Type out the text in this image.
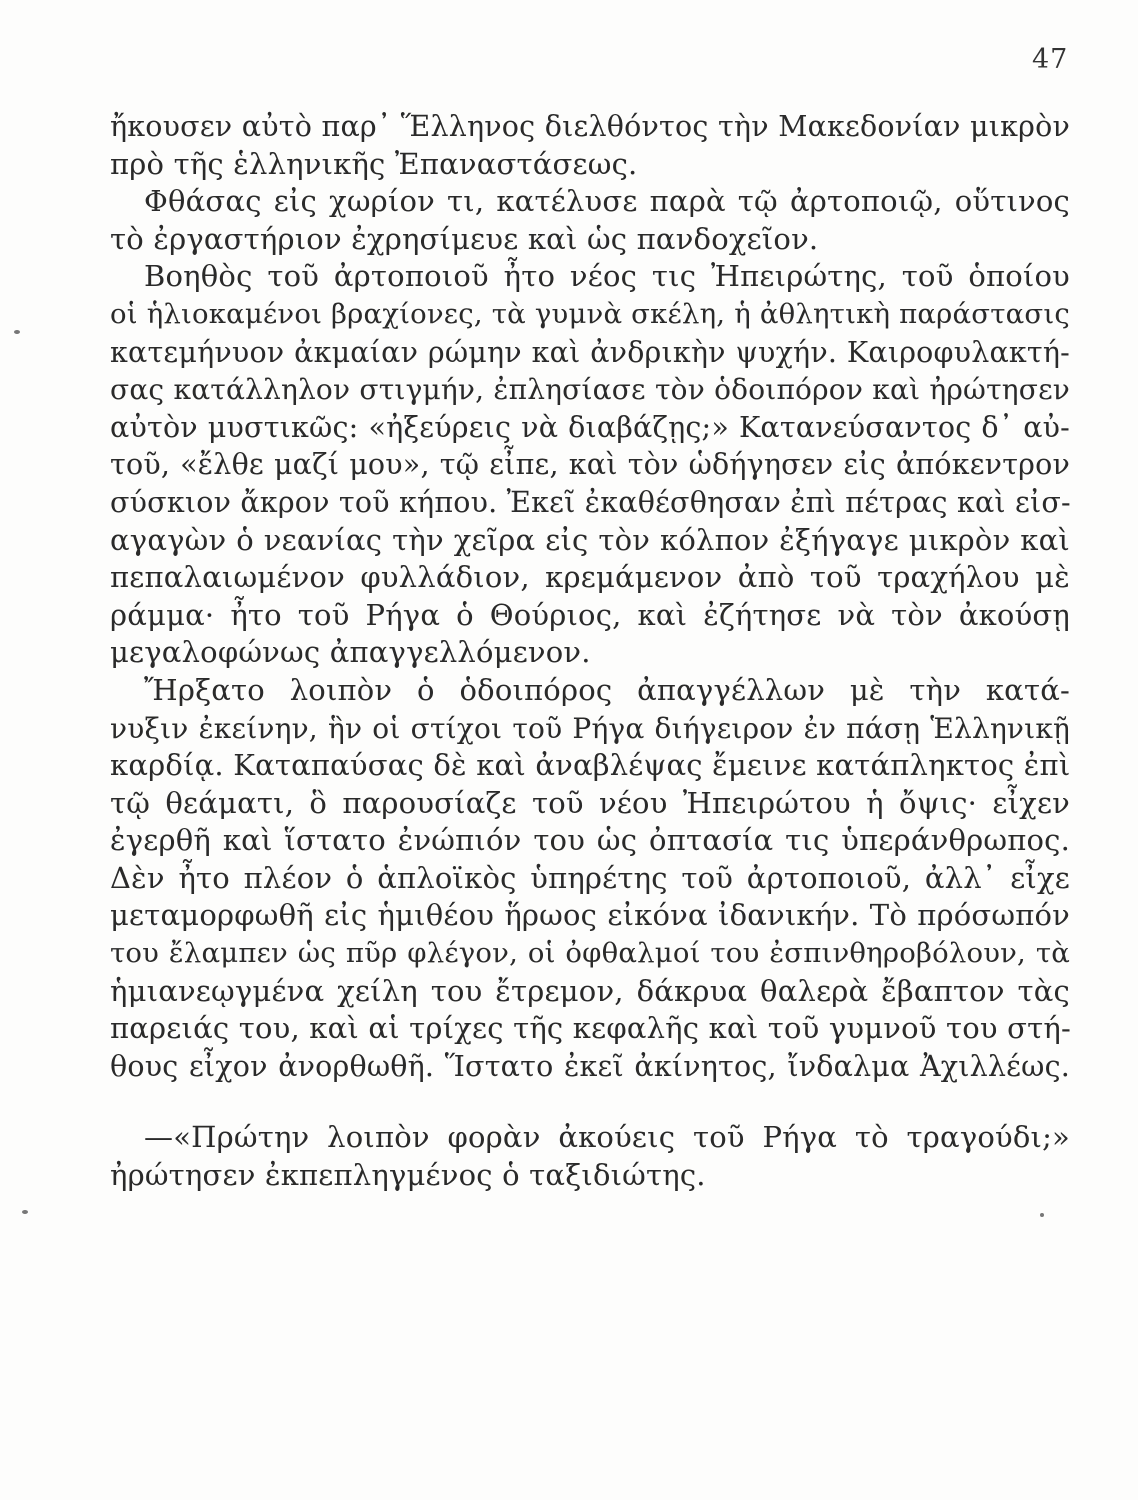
47
ἤκουσεν αὐτὸ παρ᾿ Ἕλληνος διελθόντος τὴν Μακεδονίαν μικρὸν
πρὸ τῆς ἑλληνικῆς Ἐπαναστάσεως.
Φθάσας εἰς χωρίον τι, κατέλυσε παρὰ τῷ ἀρτοποιῷ, οὕτινος
τὸ ἐργαστήριον ἐχρησίμευε καὶ ὡς πανδοχεῖον.
Βοηθὸς τοῦ ἀρτοποιοῦ ἦτο νέος τις Ἠπειρώτης, τοῦ ὁποίου
οἱ ἡλιοκαμένοι βραχίονες, τὰ γυμνὰ σκέλη, ἡ ἀθλητικὴ παράστασις
κατεμήνυον ἀκμαίαν ρώμην καὶ ἀνδρικὴν ψυχήν. Καιροφυλακτή-
σας κατάλληλον στιγμήν, ἐπλησίασε τὸν ὁδοιπόρον καὶ ἠρώτησεν
αὐτὸν μυστικῶς: «ἠξεύρεις νὰ διαβάζῃς;» Κατανεύσαντος δ᾿ αὐ-
τοῦ, «ἔλθε μαζί μου», τῷ εἶπε, καὶ τὸν ὡδήγησεν εἰς ἀπόκεντρον
σύσκιον ἄκρον τοῦ κήπου. Ἐκεῖ ἐκαθέσθησαν ἐπὶ πέτρας καὶ εἰσ-
αγαγὼν ὁ νεανίας τὴν χεῖρα εἰς τὸν κόλπον ἐξήγαγε μικρὸν καὶ
πεπαλαιωμένον φυλλάδιον, κρεμάμενον ἀπὸ τοῦ τραχήλου μὲ
ράμμα· ἦτο τοῦ Ρήγα ὁ Θούριος, καὶ ἐζήτησε νὰ τὸν ἀκούσῃ
μεγαλοφώνως ἀπαγγελλόμενον.
Ἤρξατο λοιπὸν ὁ ὁδοιπόρος ἀπαγγέλλων μὲ τὴν κατά-
νυξιν ἐκείνην, ἣν οἱ στίχοι τοῦ Ρήγα διήγειρον ἐν πάσῃ Ἑλληνικῇ
καρδίᾳ. Καταπαύσας δὲ καὶ ἀναβλέψας ἔμεινε κατάπληκτος ἐπὶ
τῷ θεάματι, ὃ παρουσίαζε τοῦ νέου Ἠπειρώτου ἡ ὄψις· εἶχεν
ἐγερθῆ καὶ ἵστατο ἐνώπιόν του ὡς ὀπτασία τις ὑπεράνθρωπος.
Δὲν ἦτο πλέον ὁ ἁπλοϊκὸς ὑπηρέτης τοῦ ἀρτοποιοῦ, ἀλλ᾿ εἶχε
μεταμορφωθῆ εἰς ἡμιθέου ἥρωος εἰκόνα ἰδανικήν. Τὸ πρόσωπόν
του ἔλαμπεν ὡς πῦρ φλέγον, οἱ ὀφθαλμοί του ἐσπινθηροβόλουν, τὰ
ἡμιανεῳγμένα χείλη του ἔτρεμον, δάκρυα θαλερὰ ἔβαπτον τὰς
παρειάς του, καὶ αἱ τρίχες τῆς κεφαλῆς καὶ τοῦ γυμνοῦ του στή-
θους εἶχον ἀνορθωθῆ. Ἵστατο ἐκεῖ ἀκίνητος, ἴνδαλμα Ἀχιλλέως.
—«Πρώτην λοιπὸν φορὰν ἀκούεις τοῦ Ρήγα τὸ τραγούδι;»
ἠρώτησεν ἐκπεπληγμένος ὁ ταξιδιώτης.
